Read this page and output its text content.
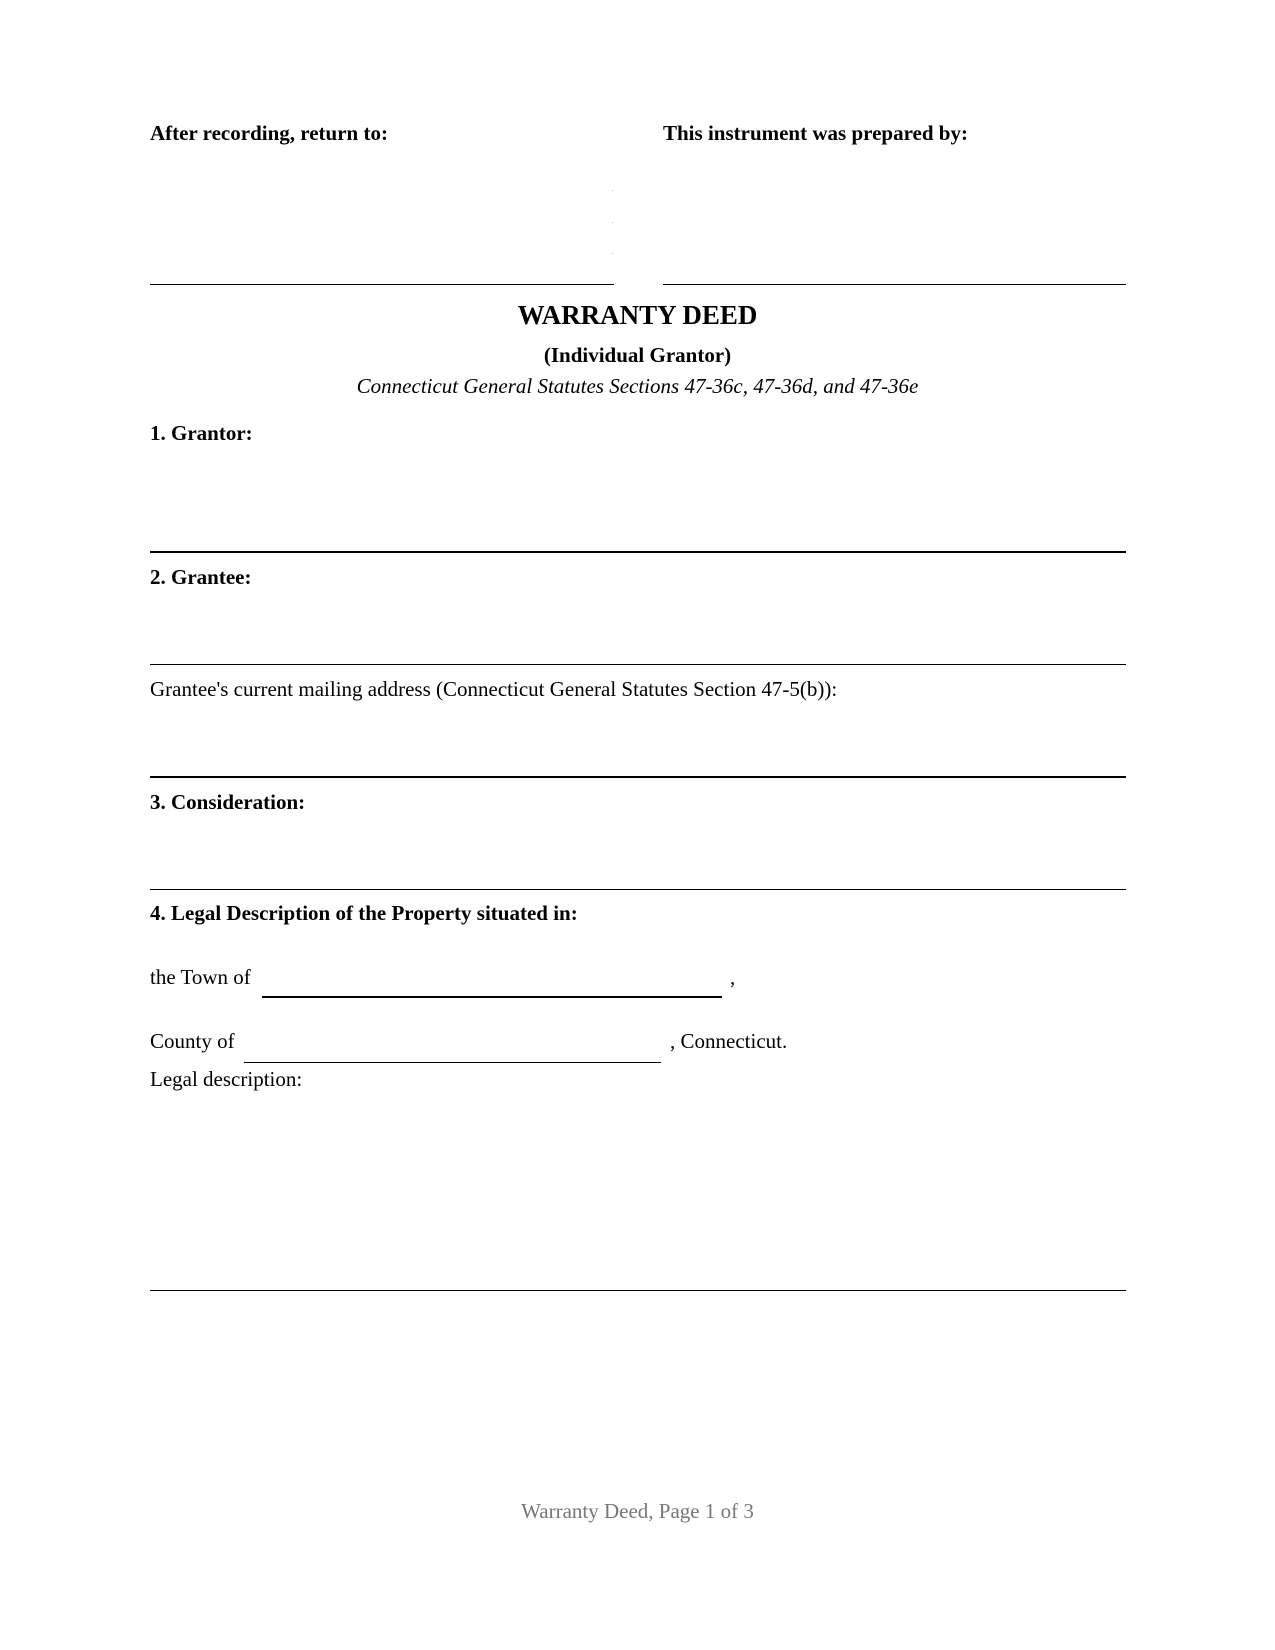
After recording, return to:	This instrument was prepared by:
WARRANTY DEED
(Individual Grantor)
Connecticut General Statutes Sections 47-36c, 47-36d, and 47-36e
1. Grantor:
2. Grantee:
Grantee's current mailing address (Connecticut General Statutes Section 47-5(b)):
3. Consideration:
4. Legal Description of the Property situated in:
the Town of	,
County of	, Connecticut.
Legal description:
Warranty Deed, Page 1 of 3
